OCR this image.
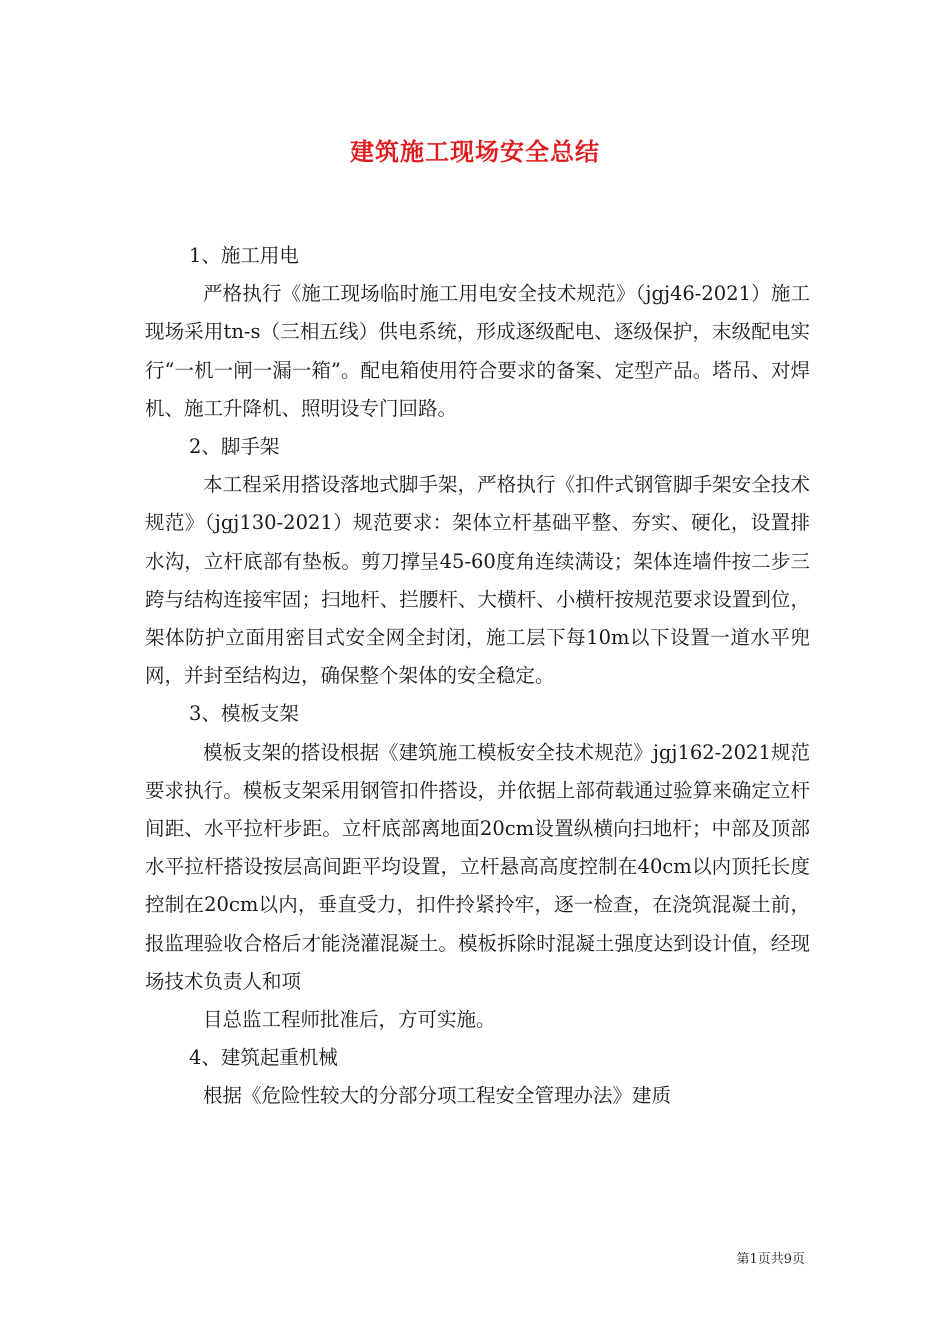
建筑施工现场安全总结

1、施工用电

严格执行《施工现场临时施工用电安全技术规范》（jgj46-2021）施工现场采用tn-s（三相五线）供电系统，形成逐级配电、逐级保护，末级配电实行“一机一闸一漏一箱”。配电箱使用符合要求的备案、定型产品。塔吊、对焊机、施工升降机、照明设专门回路。

2、脚手架

本工程采用搭设落地式脚手架，严格执行《扣件式钢管脚手架安全技术规范》（jgj130-2021）规范要求：架体立杆基础平整、夯实、硬化，设置排水沟，立杆底部有垫板。剪刀撑呈45-60度角连续满设；架体连墙件按二步三跨与结构连接牢固；扫地杆、拦腰杆、大横杆、小横杆按规范要求设置到位，架体防护立面用密目式安全网全封闭，施工层下每10m以下设置一道水平兜网，并封至结构边，确保整个架体的安全稳定。

3、模板支架

模板支架的搭设根据《建筑施工模板安全技术规范》jgj162-2021规范要求执行。模板支架采用钢管扣件搭设，并依据上部荷载通过验算来确定立杆间距、水平拉杆步距。立杆底部离地面20cm设置纵横向扫地杆；中部及顶部水平拉杆搭设按层高间距平均设置，立杆悬高高度控制在40cm以内顶托长度控制在20cm以内，垂直受力，扣件拎紧拎牢，逐一检查，在浇筑混凝土前，报监理验收合格后才能浇灌混凝土。模板拆除时混凝土强度达到设计值，经现场技术负责人和项

目总监工程师批准后，方可实施。

4、建筑起重机械

根据《危险性较大的分部分项工程安全管理办法》建质

第1页共9页
